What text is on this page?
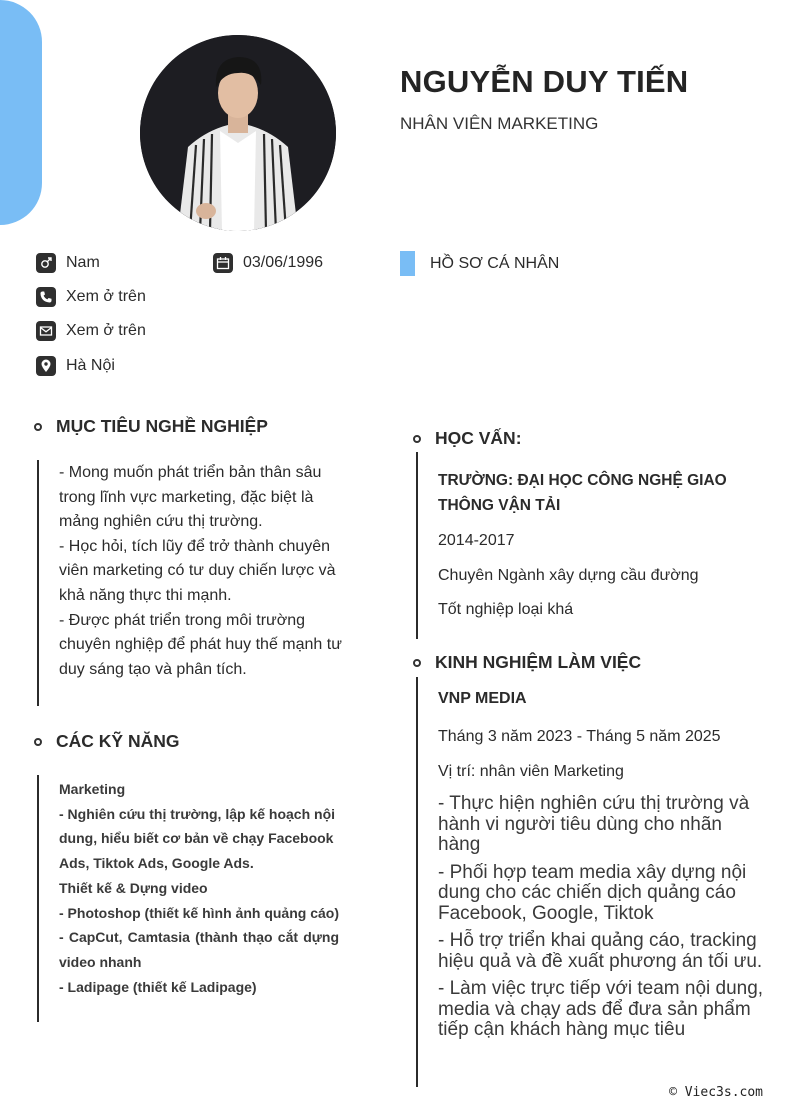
NGUYỄN DUY TIẾN
NHÂN VIÊN MARKETING
Nam	03/06/1996
Xem ở trên
Xem ở trên
Hà Nội
HỒ SƠ CÁ NHÂN
MỤC TIÊU NGHỀ NGHIỆP
- Mong muốn phát triển bản thân sâu trong lĩnh vực marketing, đặc biệt là mảng nghiên cứu thị trường.
- Học hỏi, tích lũy để trở thành chuyên viên marketing có tư duy chiến lược và khả năng thực thi mạnh.
- Được phát triển trong môi trường chuyên nghiệp để phát huy thế mạnh tư duy sáng tạo và phân tích.
CÁC KỸ NĂNG
Marketing
- Nghiên cứu thị trường, lập kế hoạch nội dung, hiểu biết cơ bản về chạy Facebook Ads, Tiktok Ads, Google Ads.
Thiết kế & Dựng video
- Photoshop (thiết kế hình ảnh quảng cáo)
- CapCut, Camtasia (thành thạo cắt dựng video nhanh
- Ladipage (thiết kế Ladipage)
HỌC VẤN:
TRƯỜNG: ĐẠI HỌC CÔNG NGHỆ GIAO THÔNG VẬN TẢI
2014-2017
Chuyên Ngành xây dựng cầu đường
Tốt nghiệp loại khá
KINH NGHIỆM LÀM VIỆC
VNP MEDIA
Tháng 3 năm 2023 - Tháng 5 năm 2025
Vị trí: nhân viên Marketing
- Thực hiện nghiên cứu thị trường và hành vi người tiêu dùng cho nhãn hàng
- Phối hợp team media xây dựng nội dung cho các chiến dịch quảng cáo Facebook, Google, Tiktok
- Hỗ trợ triển khai quảng cáo, tracking hiệu quả và đề xuất phương án tối ưu.
- Làm việc trực tiếp với team nội dung, media và chạy ads để đưa sản phẩm tiếp cận khách hàng mục tiêu
© Viec3s.com
